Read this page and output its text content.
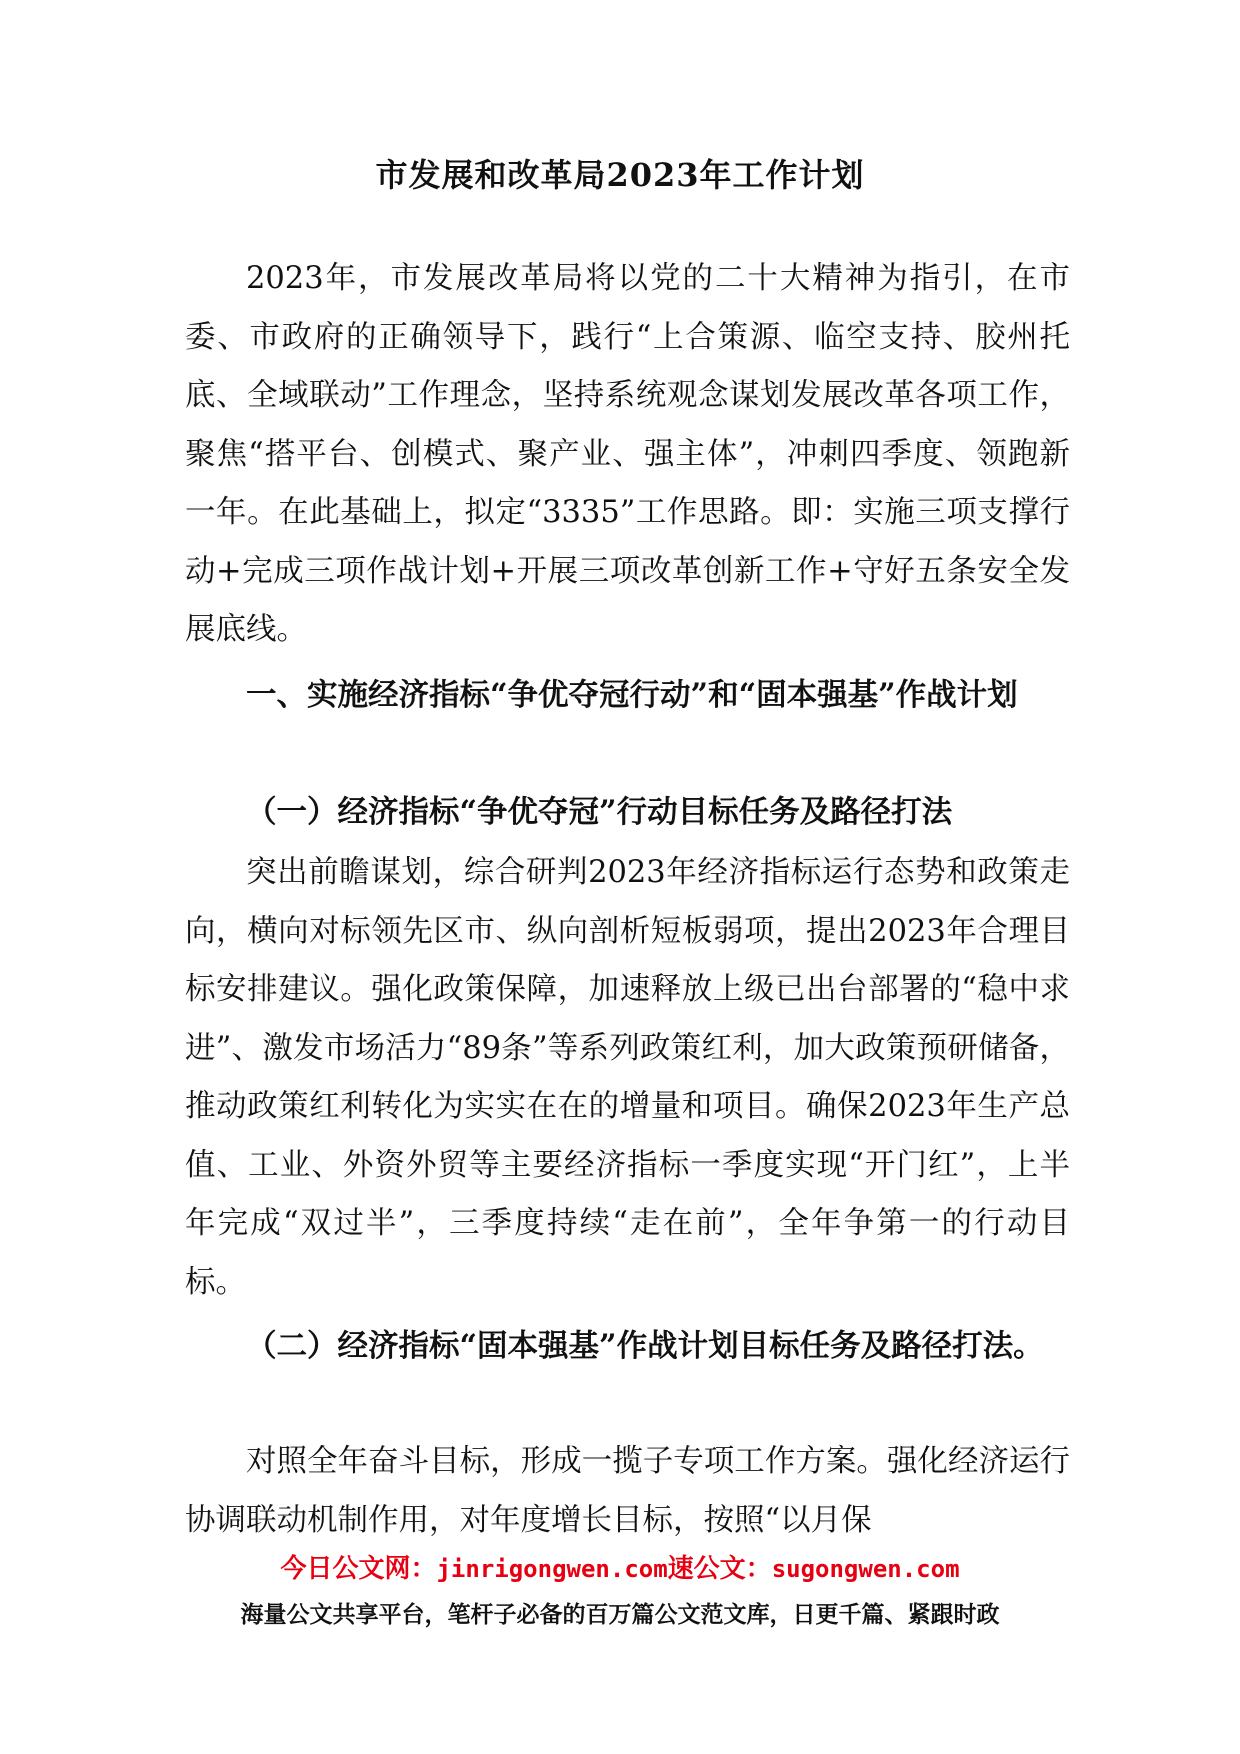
市发展和改革局2023年工作计划

2023年，市发展改革局将以党的二十大精神为指引，在市委、市政府的正确领导下，践行“上合策源、临空支持、胶州托底、全域联动”工作理念，坚持系统观念谋划发展改革各项工作，聚焦“搭平台、创模式、聚产业、强主体”，冲刺四季度、领跑新一年。在此基础上，拟定“3335”工作思路。即：实施三项支撑行动+完成三项作战计划+开展三项改革创新工作+守好五条安全发展底线。

一、实施经济指标“争优夺冠行动”和“固本强基”作战计划

（一）经济指标“争优夺冠”行动目标任务及路径打法

突出前瞻谋划，综合研判2023年经济指标运行态势和政策走向，横向对标领先区市、纵向剖析短板弱项，提出2023年合理目标安排建议。强化政策保障，加速释放上级已出台部署的“稳中求进”、激发市场活力“89条”等系列政策红利，加大政策预研储备，推动政策红利转化为实实在在的增量和项目。确保2023年生产总值、工业、外资外贸等主要经济指标一季度实现“开门红”，上半年完成“双过半”，三季度持续“走在前”，全年争第一的行动目标。

（二）经济指标“固本强基”作战计划目标任务及路径打法。

对照全年奋斗目标，形成一揽子专项工作方案。强化经济运行协调联动机制作用，对年度增长目标，按照“以月保

今日公文网：jinrigongwen.com速公文：sugongwen.com
海量公文共享平台，笔杆子必备的百万篇公文范文库，日更千篇、紧跟时政
